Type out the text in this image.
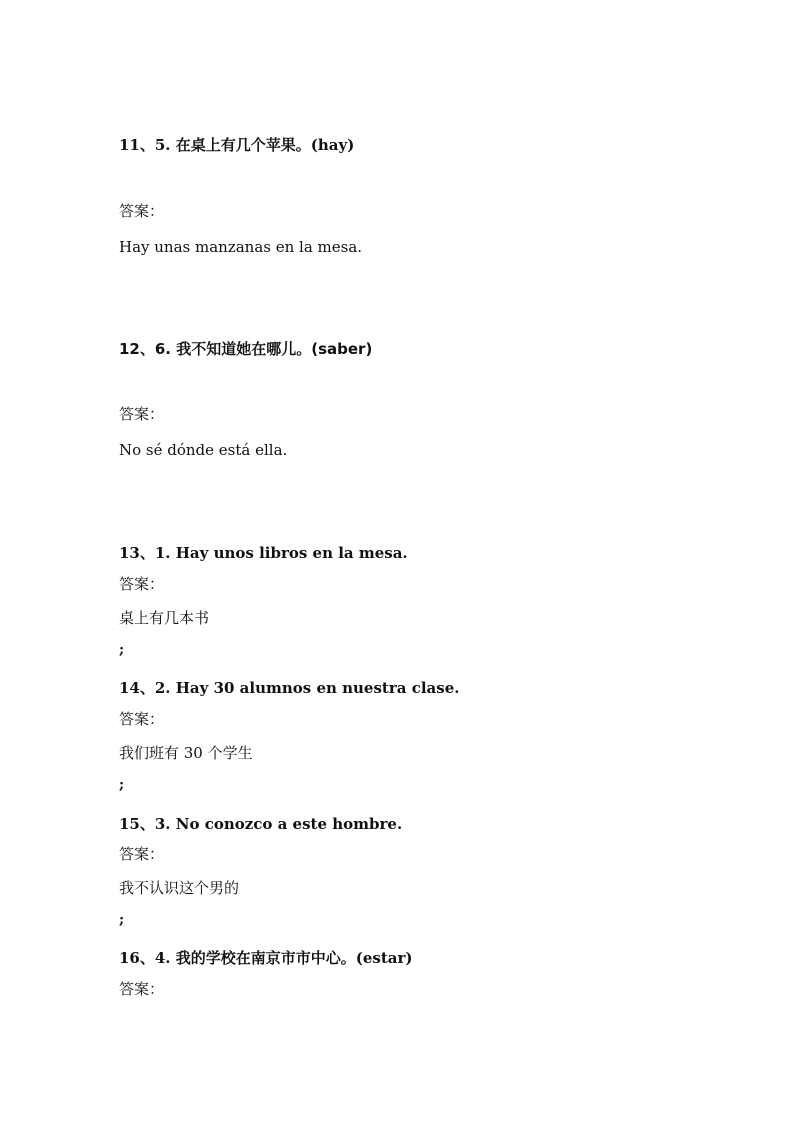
11、5. 在桌上有几个苹果。(hay)
答案：
Hay unas manzanas en la mesa.
12、6. 我不知道她在哪儿。(saber)
答案：
No sé dónde está ella.
13、1. Hay unos libros en la mesa.
答案：
桌上有几本书
;
14、2. Hay 30 alumnos en nuestra clase.
答案：
我们班有 30 个学生
;
15、3. No conozco a este hombre.
答案：
我不认识这个男的
;
16、4. 我的学校在南京市市中心。(estar)
答案：
